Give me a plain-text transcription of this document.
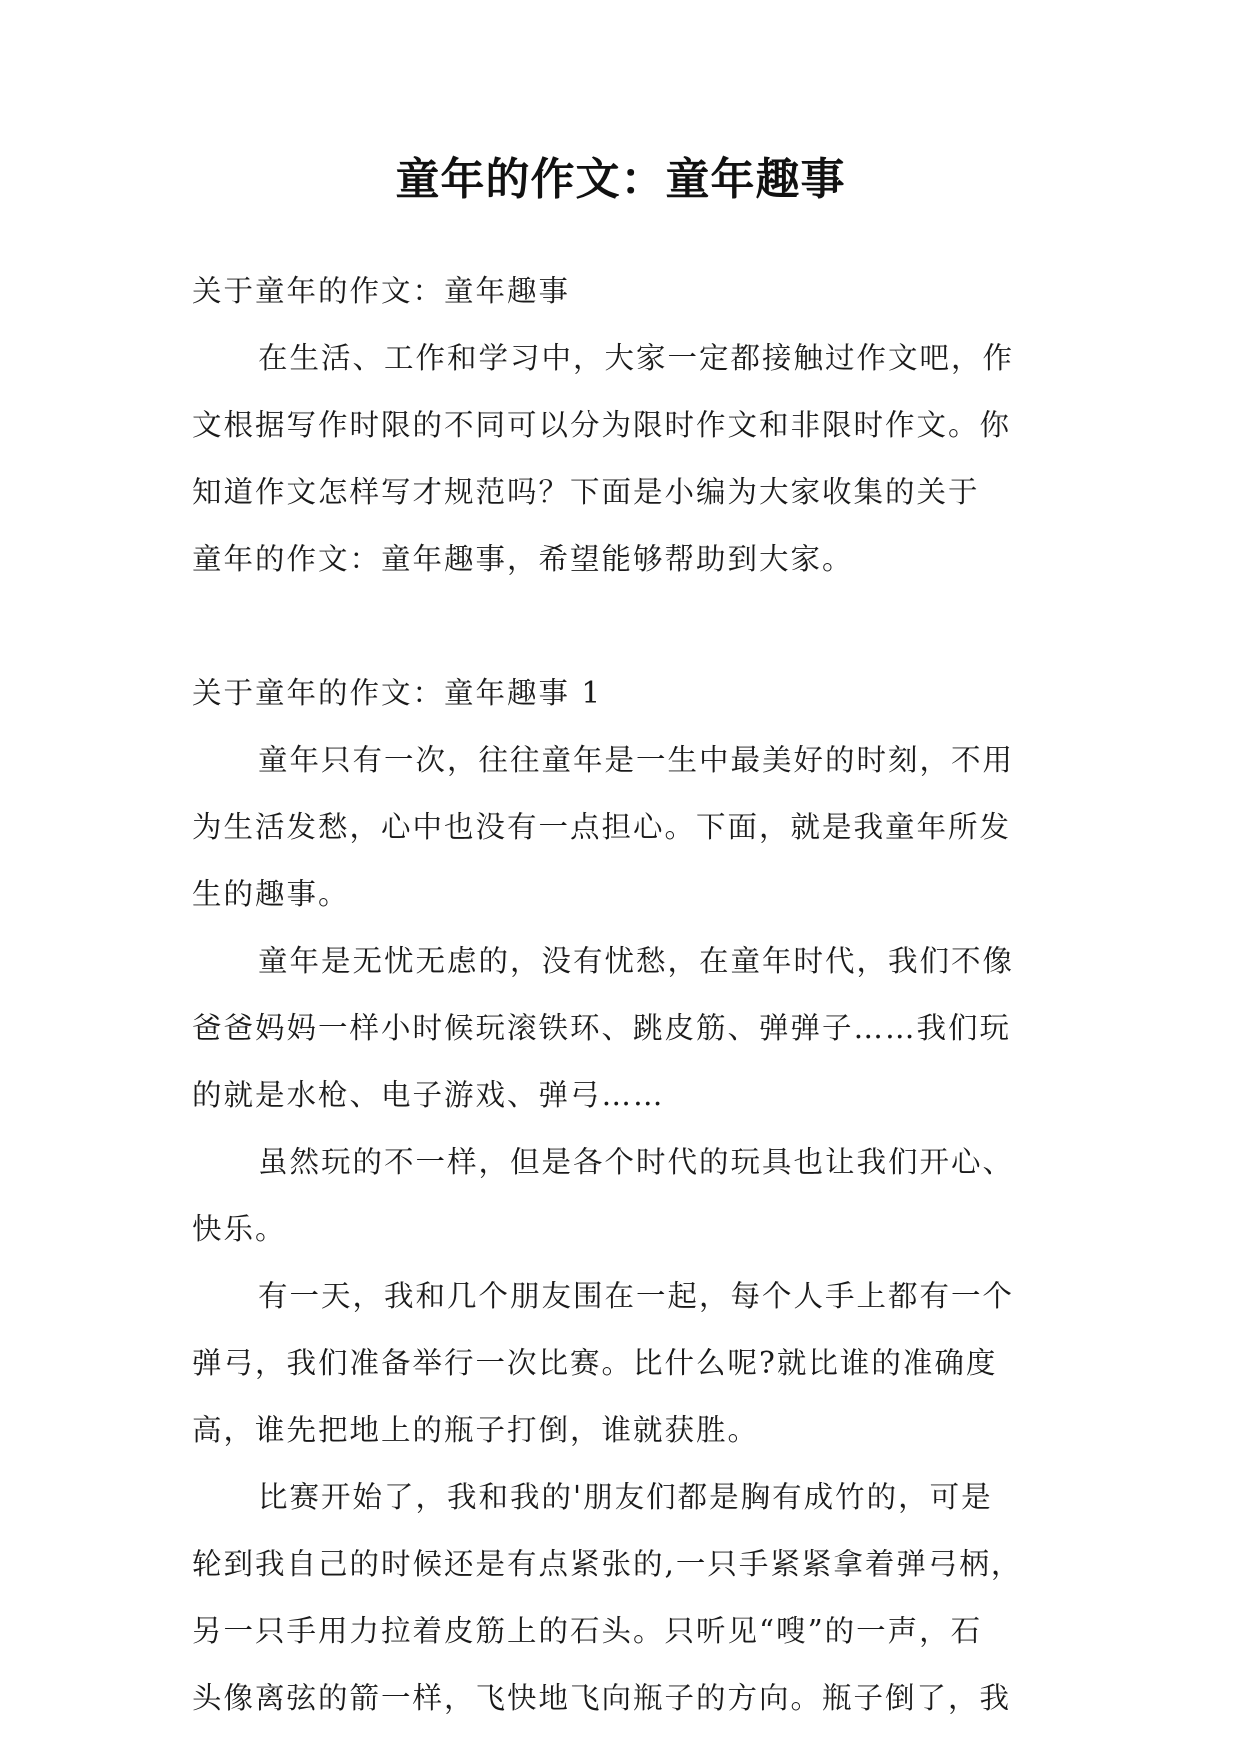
童年的作文：童年趣事
关于童年的作文：童年趣事
在生活、工作和学习中，大家一定都接触过作文吧，作
文根据写作时限的不同可以分为限时作文和非限时作文。你
知道作文怎样写才规范吗？下面是小编为大家收集的关于
童年的作文：童年趣事，希望能够帮助到大家。
关于童年的作文：童年趣事 1
童年只有一次，往往童年是一生中最美好的时刻，不用
为生活发愁，心中也没有一点担心。下面，就是我童年所发
生的趣事。
童年是无忧无虑的，没有忧愁，在童年时代，我们不像
爸爸妈妈一样小时候玩滚铁环、跳皮筋、弹弹子……我们玩
的就是水枪、电子游戏、弹弓……
虽然玩的不一样，但是各个时代的玩具也让我们开心、
快乐。
有一天，我和几个朋友围在一起，每个人手上都有一个
弹弓，我们准备举行一次比赛。比什么呢?就比谁的准确度
高，谁先把地上的瓶子打倒，谁就获胜。
比赛开始了，我和我的'朋友们都是胸有成竹的，可是
轮到我自己的时候还是有点紧张的,一只手紧紧拿着弹弓柄，
另一只手用力拉着皮筋上的石头。只听见“嗖”的一声，石
头像离弦的箭一样，飞快地飞向瓶子的方向。瓶子倒了，我
